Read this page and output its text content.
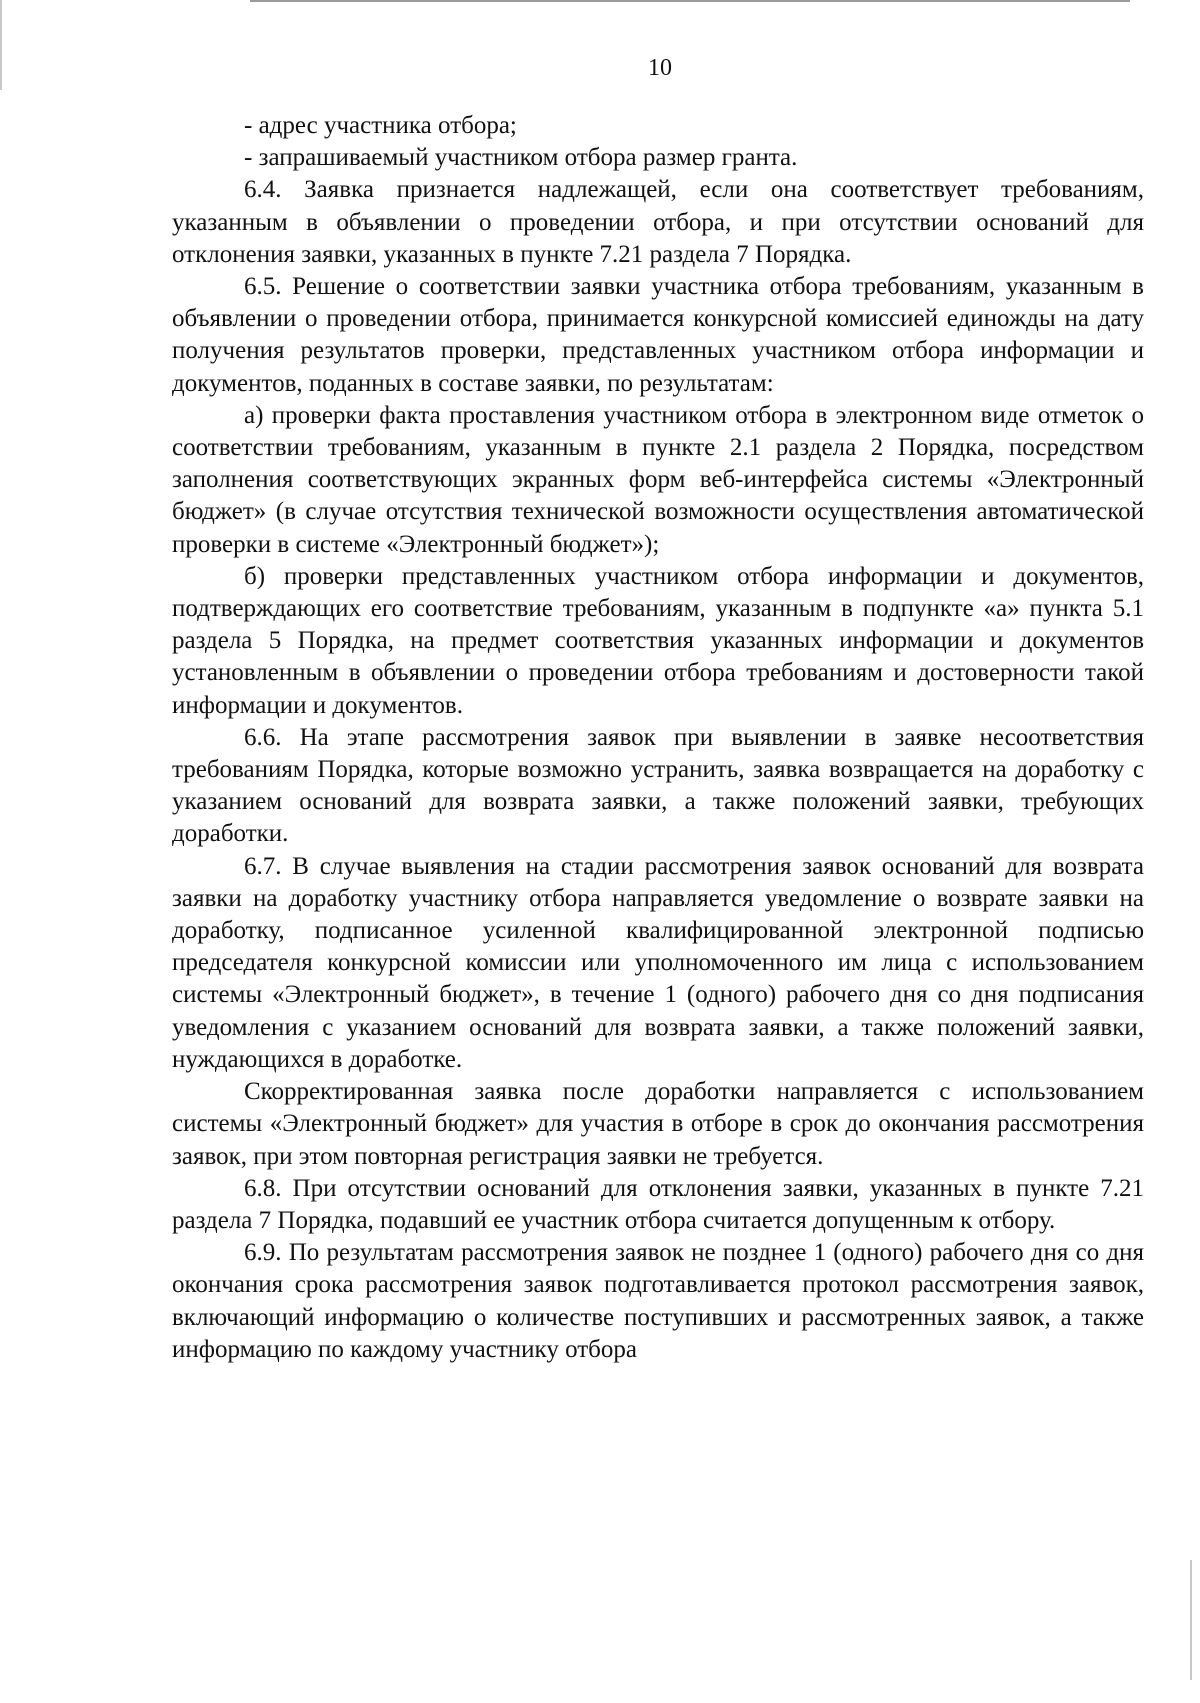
10

- адрес участника отбора;

- запрашиваемый участником отбора размер гранта.

6.4. Заявка признается надлежащей, если она соответствует требованиям, указанным в объявлении о проведении отбора, и при отсутствии оснований для отклонения заявки, указанных в пункте 7.21 раздела 7 Порядка.

6.5. Решение о соответствии заявки участника отбора требованиям, указанным в объявлении о проведении отбора, принимается конкурсной комиссией единожды на дату получения результатов проверки, представленных участником отбора информации и документов, поданных в составе заявки, по результатам:

а) проверки факта проставления участником отбора в электронном виде отметок о соответствии требованиям, указанным в пункте 2.1 раздела 2 Порядка, посредством заполнения соответствующих экранных форм веб-интерфейса системы «Электронный бюджет» (в случае отсутствия технической возможности осуществления автоматической проверки в системе «Электронный бюджет»);

б) проверки представленных участником отбора информации и документов, подтверждающих его соответствие требованиям, указанным в подпункте «а» пункта 5.1 раздела 5 Порядка, на предмет соответствия указанных информации и документов установленным в объявлении о проведении отбора требованиям и достоверности такой информации и документов.

6.6. На этапе рассмотрения заявок при выявлении в заявке несоответствия требованиям Порядка, которые возможно устранить, заявка возвращается на доработку с указанием оснований для возврата заявки, а также положений заявки, требующих доработки.

6.7. В случае выявления на стадии рассмотрения заявок оснований для возврата заявки на доработку участнику отбора направляется уведомление о возврате заявки на доработку, подписанное усиленной квалифицированной электронной подписью председателя конкурсной комиссии или уполномоченного им лица с использованием системы «Электронный бюджет», в течение 1 (одного) рабочего дня со дня подписания уведомления с указанием оснований для возврата заявки, а также положений заявки, нуждающихся в доработке.

Скорректированная заявка после доработки направляется с использованием системы «Электронный бюджет» для участия в отборе в срок до окончания рассмотрения заявок, при этом повторная регистрация заявки не требуется.

6.8. При отсутствии оснований для отклонения заявки, указанных в пункте 7.21 раздела 7 Порядка, подавший ее участник отбора считается допущенным к отбору.

6.9. По результатам рассмотрения заявок не позднее 1 (одного) рабочего дня со дня окончания срока рассмотрения заявок подготавливается протокол рассмотрения заявок, включающий информацию о количестве поступивших и рассмотренных заявок, а также информацию по каждому участнику отбора
